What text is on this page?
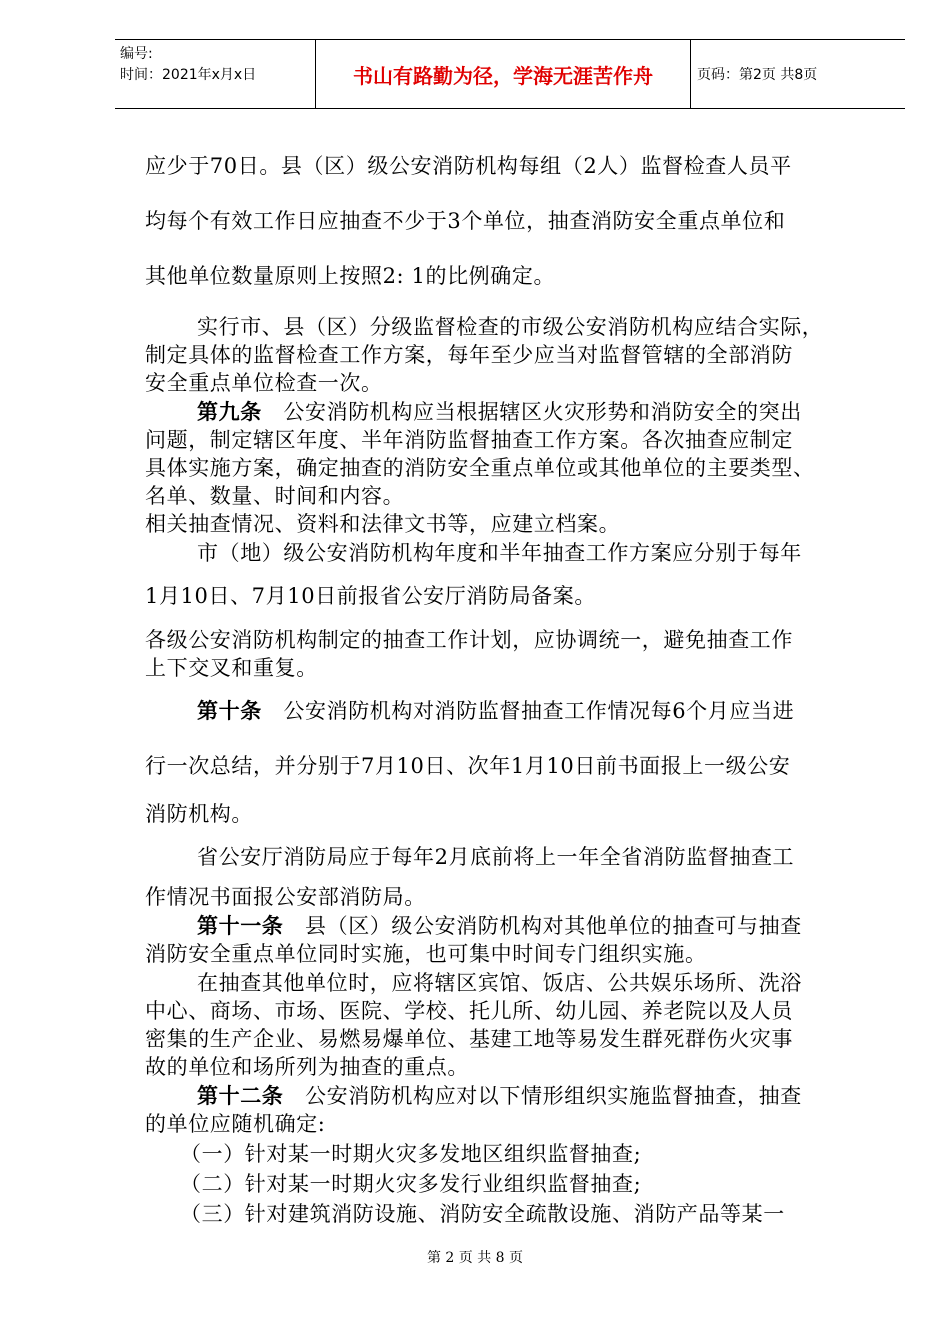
编号:
时间：2021年x月x日	书山有路勤为径，学海无涯苦作舟	页码：第2页 共8页
应少于70日。县（区）级公安消防机构每组（2人）监督检查人员平
均每个有效工作日应抽查不少于3个单位，抽查消防安全重点单位和
其他单位数量原则上按照2: 1的比例确定。
实行市、县（区）分级监督检查的市级公安消防机构应结合实际，
制定具体的监督检查工作方案，每年至少应当对监督管辖的全部消防
安全重点单位检查一次。
第九条　公安消防机构应当根据辖区火灾形势和消防安全的突出
问题，制定辖区年度、半年消防监督抽查工作方案。各次抽查应制定
具体实施方案，确定抽查的消防安全重点单位或其他单位的主要类型、
名单、数量、时间和内容。
相关抽查情况、资料和法律文书等，应建立档案。
市（地）级公安消防机构年度和半年抽查工作方案应分别于每年
1月10日、7月10日前报省公安厅消防局备案。
各级公安消防机构制定的抽查工作计划，应协调统一，避免抽查工作
上下交叉和重复。
第十条　公安消防机构对消防监督抽查工作情况每6个月应当进
行一次总结，并分别于7月10日、次年1月10日前书面报上一级公安
消防机构。
省公安厅消防局应于每年2月底前将上一年全省消防监督抽查工
作情况书面报公安部消防局。
第十一条　县（区）级公安消防机构对其他单位的抽查可与抽查
消防安全重点单位同时实施，也可集中时间专门组织实施。
在抽查其他单位时，应将辖区宾馆、饭店、公共娱乐场所、洗浴
中心、商场、市场、医院、学校、托儿所、幼儿园、养老院以及人员
密集的生产企业、易燃易爆单位、基建工地等易发生群死群伤火灾事
故的单位和场所列为抽查的重点。
第十二条　公安消防机构应对以下情形组织实施监督抽查，抽查
的单位应随机确定:
（一）针对某一时期火灾多发地区组织监督抽查;
（二）针对某一时期火灾多发行业组织监督抽查;
（三）针对建筑消防设施、消防安全疏散设施、消防产品等某一
第 2 页 共 8 页
